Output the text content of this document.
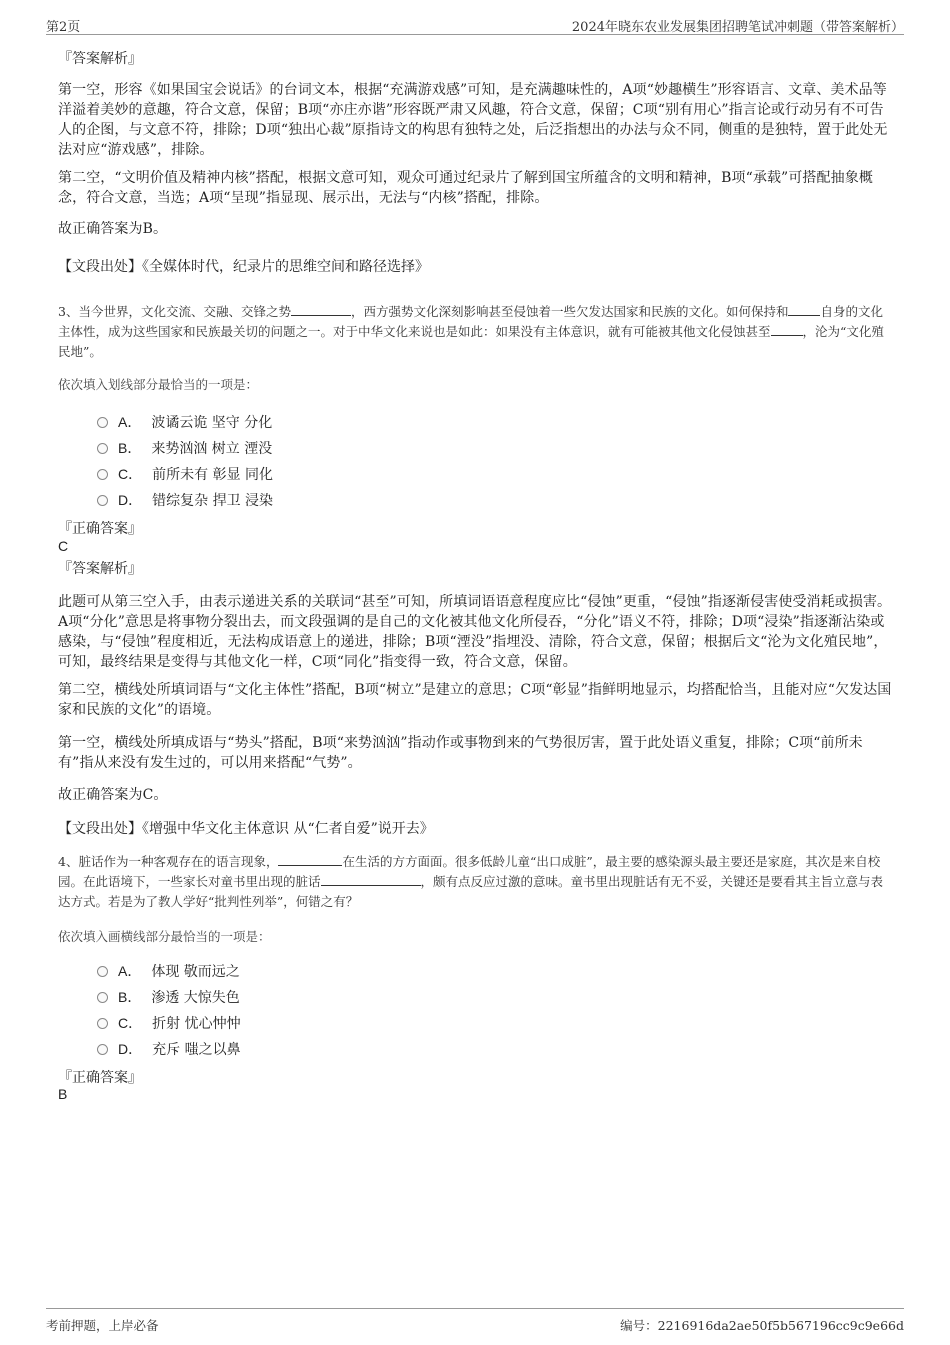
第2页	2024年晓东农业发展集团招聘笔试冲刺题（带答案解析）
『答案解析』
第一空，形容《如果国宝会说话》的台词文本，根据“充满游戏感”可知，是充满趣味性的，A项“妙趣横生”形容语言、文章、美术品等洋溢着美妙的意趣，符合文意，保留；B项“亦庄亦谐”形容既严肃又风趣，符合文意，保留；C项“别有用心”指言论或行动另有不可告人的企图，与文意不符，排除；D项“独出心裁”原指诗文的构思有独特之处，后泛指想出的办法与众不同，侧重的是独特，置于此处无法对应“游戏感”，排除。
第二空，“文明价值及精神内核”搭配，根据文意可知，观众可通过纪录片了解到国宝所蕴含的文明和精神，B项“承载”可搭配抽象概念，符合文意，当选；A项“呈现”指显现、展示出，无法与“内核”搭配，排除。
故正确答案为B。
【文段出处】《全媒体时代，纪录片的思维空间和路径选择》
3、当今世界，文化交流、交融、交锋之势	，西方强势文化深刻影响甚至侵蚀着一些欠发达国家和民族的文化。如何保持和	自身的文化主体性，成为这些国家和民族最关切的问题之一。对于中华文化来说也是如此：如果没有主体意识，就有可能被其他文化侵蚀甚至	，沦为“文化殖民地”。
依次填入划线部分最恰当的一项是：
A． 波谲云诡 坚守 分化
B． 来势汹汹 树立 湮没
C． 前所未有 彰显 同化
D． 错综复杂 捍卫 浸染
『正确答案』
C
『答案解析』
此题可从第三空入手，由表示递进关系的关联词“甚至”可知，所填词语语意程度应比“侵蚀”更重，“侵蚀”指逐渐侵害使受消耗或损害。A项“分化”意思是将事物分裂出去，而文段强调的是自己的文化被其他文化所侵吞，“分化”语义不符，排除；D项“浸染”指逐渐沾染或感染，与“侵蚀”程度相近，无法构成语意上的递进，排除；B项“湮没”指埋没、清除，符合文意，保留；根据后文“沦为文化殖民地”，可知，最终结果是变得与其他文化一样，C项“同化”指变得一致，符合文意，保留。
第二空，横线处所填词语与“文化主体性”搭配，B项“树立”是建立的意思；C项“彰显”指鲜明地显示，均搭配恰当，且能对应“欠发达国家和民族的文化”的语境。
第一空，横线处所填成语与“势头”搭配，B项“来势汹汹”指动作或事物到来的气势很厉害，置于此处语义重复，排除；C项“前所未有”指从来没有发生过的，可以用来搭配“气势”。
故正确答案为C。
【文段出处】《增强中华文化主体意识 从“仁者自爱”说开去》
4、脏话作为一种客观存在的语言现象，	在生活的方方面面。很多低龄儿童“出口成脏”，最主要的感染源头最主要还是家庭，其次是来自校园。在此语境下，一些家长对童书里出现的脏话	，颇有点反应过激的意味。童书里出现脏话有无不妥，关键还是要看其主旨立意与表达方式。若是为了教人学好“批判性列举”，何错之有？
依次填入画横线部分最恰当的一项是：
A． 体现 敬而远之
B． 渗透 大惊失色
C． 折射 忧心忡忡
D． 充斥 嗤之以鼻
『正确答案』
B
考前押题，上岸必备	编号：2216916da2ae50f5b567196cc9c9e66d
